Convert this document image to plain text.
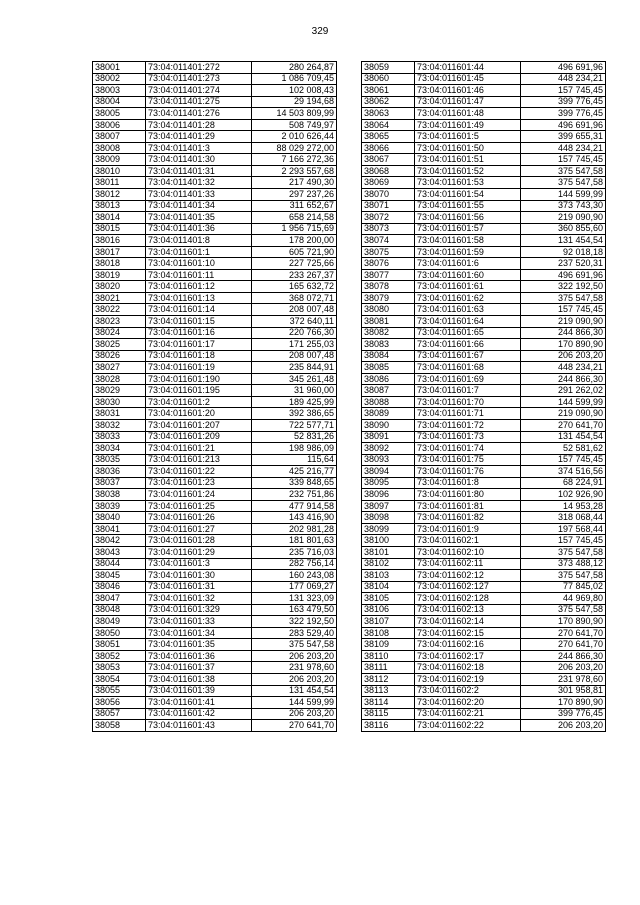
329
38001	73:04:011401:272	280 264,87
38002	73:04:011401:273	1 086 709,45
38003	73:04:011401:274	102 008,43
38004	73:04:011401:275	29 194,68
38005	73:04:011401:276	14 503 809,99
38006	73:04:011401:28	508 749,97
38007	73:04:011401:29	2 010 626,44
38008	73:04:011401:3	88 029 272,00
38009	73:04:011401:30	7 166 272,36
38010	73:04:011401:31	2 293 557,68
38011	73:04:011401:32	217 490,30
38012	73:04:011401:33	297 237,26
38013	73:04:011401:34	311 652,67
38014	73:04:011401:35	658 214,58
38015	73:04:011401:36	1 956 715,69
38016	73:04:011401:8	178 200,00
38017	73:04:011601:1	605 721,90
38018	73:04:011601:10	227 725,66
38019	73:04:011601:11	233 267,37
38020	73:04:011601:12	165 632,72
38021	73:04:011601:13	368 072,71
38022	73:04:011601:14	208 007,48
38023	73:04:011601:15	372 640,11
38024	73:04:011601:16	220 766,30
38025	73:04:011601:17	171 255,03
38026	73:04:011601:18	208 007,48
38027	73:04:011601:19	235 844,91
38028	73:04:011601:190	345 261,48
38029	73:04:011601:195	31 960,00
38030	73:04:011601:2	189 425,99
38031	73:04:011601:20	392 386,65
38032	73:04:011601:207	722 577,71
38033	73:04:011601:209	52 831,26
38034	73:04:011601:21	198 986,09
38035	73:04:011601:213	115,64
38036	73:04:011601:22	425 216,77
38037	73:04:011601:23	339 848,65
38038	73:04:011601:24	232 751,86
38039	73:04:011601:25	477 914,58
38040	73:04:011601:26	143 416,90
38041	73:04:011601:27	202 981,28
38042	73:04:011601:28	181 801,63
38043	73:04:011601:29	235 716,03
38044	73:04:011601:3	282 756,14
38045	73:04:011601:30	160 243,08
38046	73:04:011601:31	177 069,27
38047	73:04:011601:32	131 323,09
38048	73:04:011601:329	163 479,50
38049	73:04:011601:33	322 192,50
38050	73:04:011601:34	283 529,40
38051	73:04:011601:35	375 547,58
38052	73:04:011601:36	206 203,20
38053	73:04:011601:37	231 978,60
38054	73:04:011601:38	206 203,20
38055	73:04:011601:39	131 454,54
38056	73:04:011601:41	144 599,99
38057	73:04:011601:42	206 203,20
38058	73:04:011601:43	270 641,70
38059	73:04:011601:44	496 691,96
38060	73:04:011601:45	448 234,21
38061	73:04:011601:46	157 745,45
38062	73:04:011601:47	399 776,45
38063	73:04:011601:48	399 776,45
38064	73:04:011601:49	496 691,96
38065	73:04:011601:5	399 655,31
38066	73:04:011601:50	448 234,21
38067	73:04:011601:51	157 745,45
38068	73:04:011601:52	375 547,58
38069	73:04:011601:53	375 547,58
38070	73:04:011601:54	144 599,99
38071	73:04:011601:55	373 743,30
38072	73:04:011601:56	219 090,90
38073	73:04:011601:57	360 855,60
38074	73:04:011601:58	131 454,54
38075	73:04:011601:59	92 018,18
38076	73:04:011601:6	237 520,31
38077	73:04:011601:60	496 691,96
38078	73:04:011601:61	322 192,50
38079	73:04:011601:62	375 547,58
38080	73:04:011601:63	157 745,45
38081	73:04:011601:64	219 090,90
38082	73:04:011601:65	244 866,30
38083	73:04:011601:66	170 890,90
38084	73:04:011601:67	206 203,20
38085	73:04:011601:68	448 234,21
38086	73:04:011601:69	244 866,30
38087	73:04:011601:7	291 262,02
38088	73:04:011601:70	144 599,99
38089	73:04:011601:71	219 090,90
38090	73:04:011601:72	270 641,70
38091	73:04:011601:73	131 454,54
38092	73:04:011601:74	52 581,62
38093	73:04:011601:75	157 745,45
38094	73:04:011601:76	374 516,56
38095	73:04:011601:8	68 224,91
38096	73:04:011601:80	102 926,90
38097	73:04:011601:81	14 953,28
38098	73:04:011601:82	318 068,44
38099	73:04:011601:9	197 568,44
38100	73:04:011602:1	157 745,45
38101	73:04:011602:10	375 547,58
38102	73:04:011602:11	373 488,12
38103	73:04:011602:12	375 547,58
38104	73:04:011602:127	77 845,02
38105	73:04:011602:128	44 969,80
38106	73:04:011602:13	375 547,58
38107	73:04:011602:14	170 890,90
38108	73:04:011602:15	270 641,70
38109	73:04:011602:16	270 641,70
38110	73:04:011602:17	244 866,30
38111	73:04:011602:18	206 203,20
38112	73:04:011602:19	231 978,60
38113	73:04:011602:2	301 958,81
38114	73:04:011602:20	170 890,90
38115	73:04:011602:21	399 776,45
38116	73:04:011602:22	206 203,20
